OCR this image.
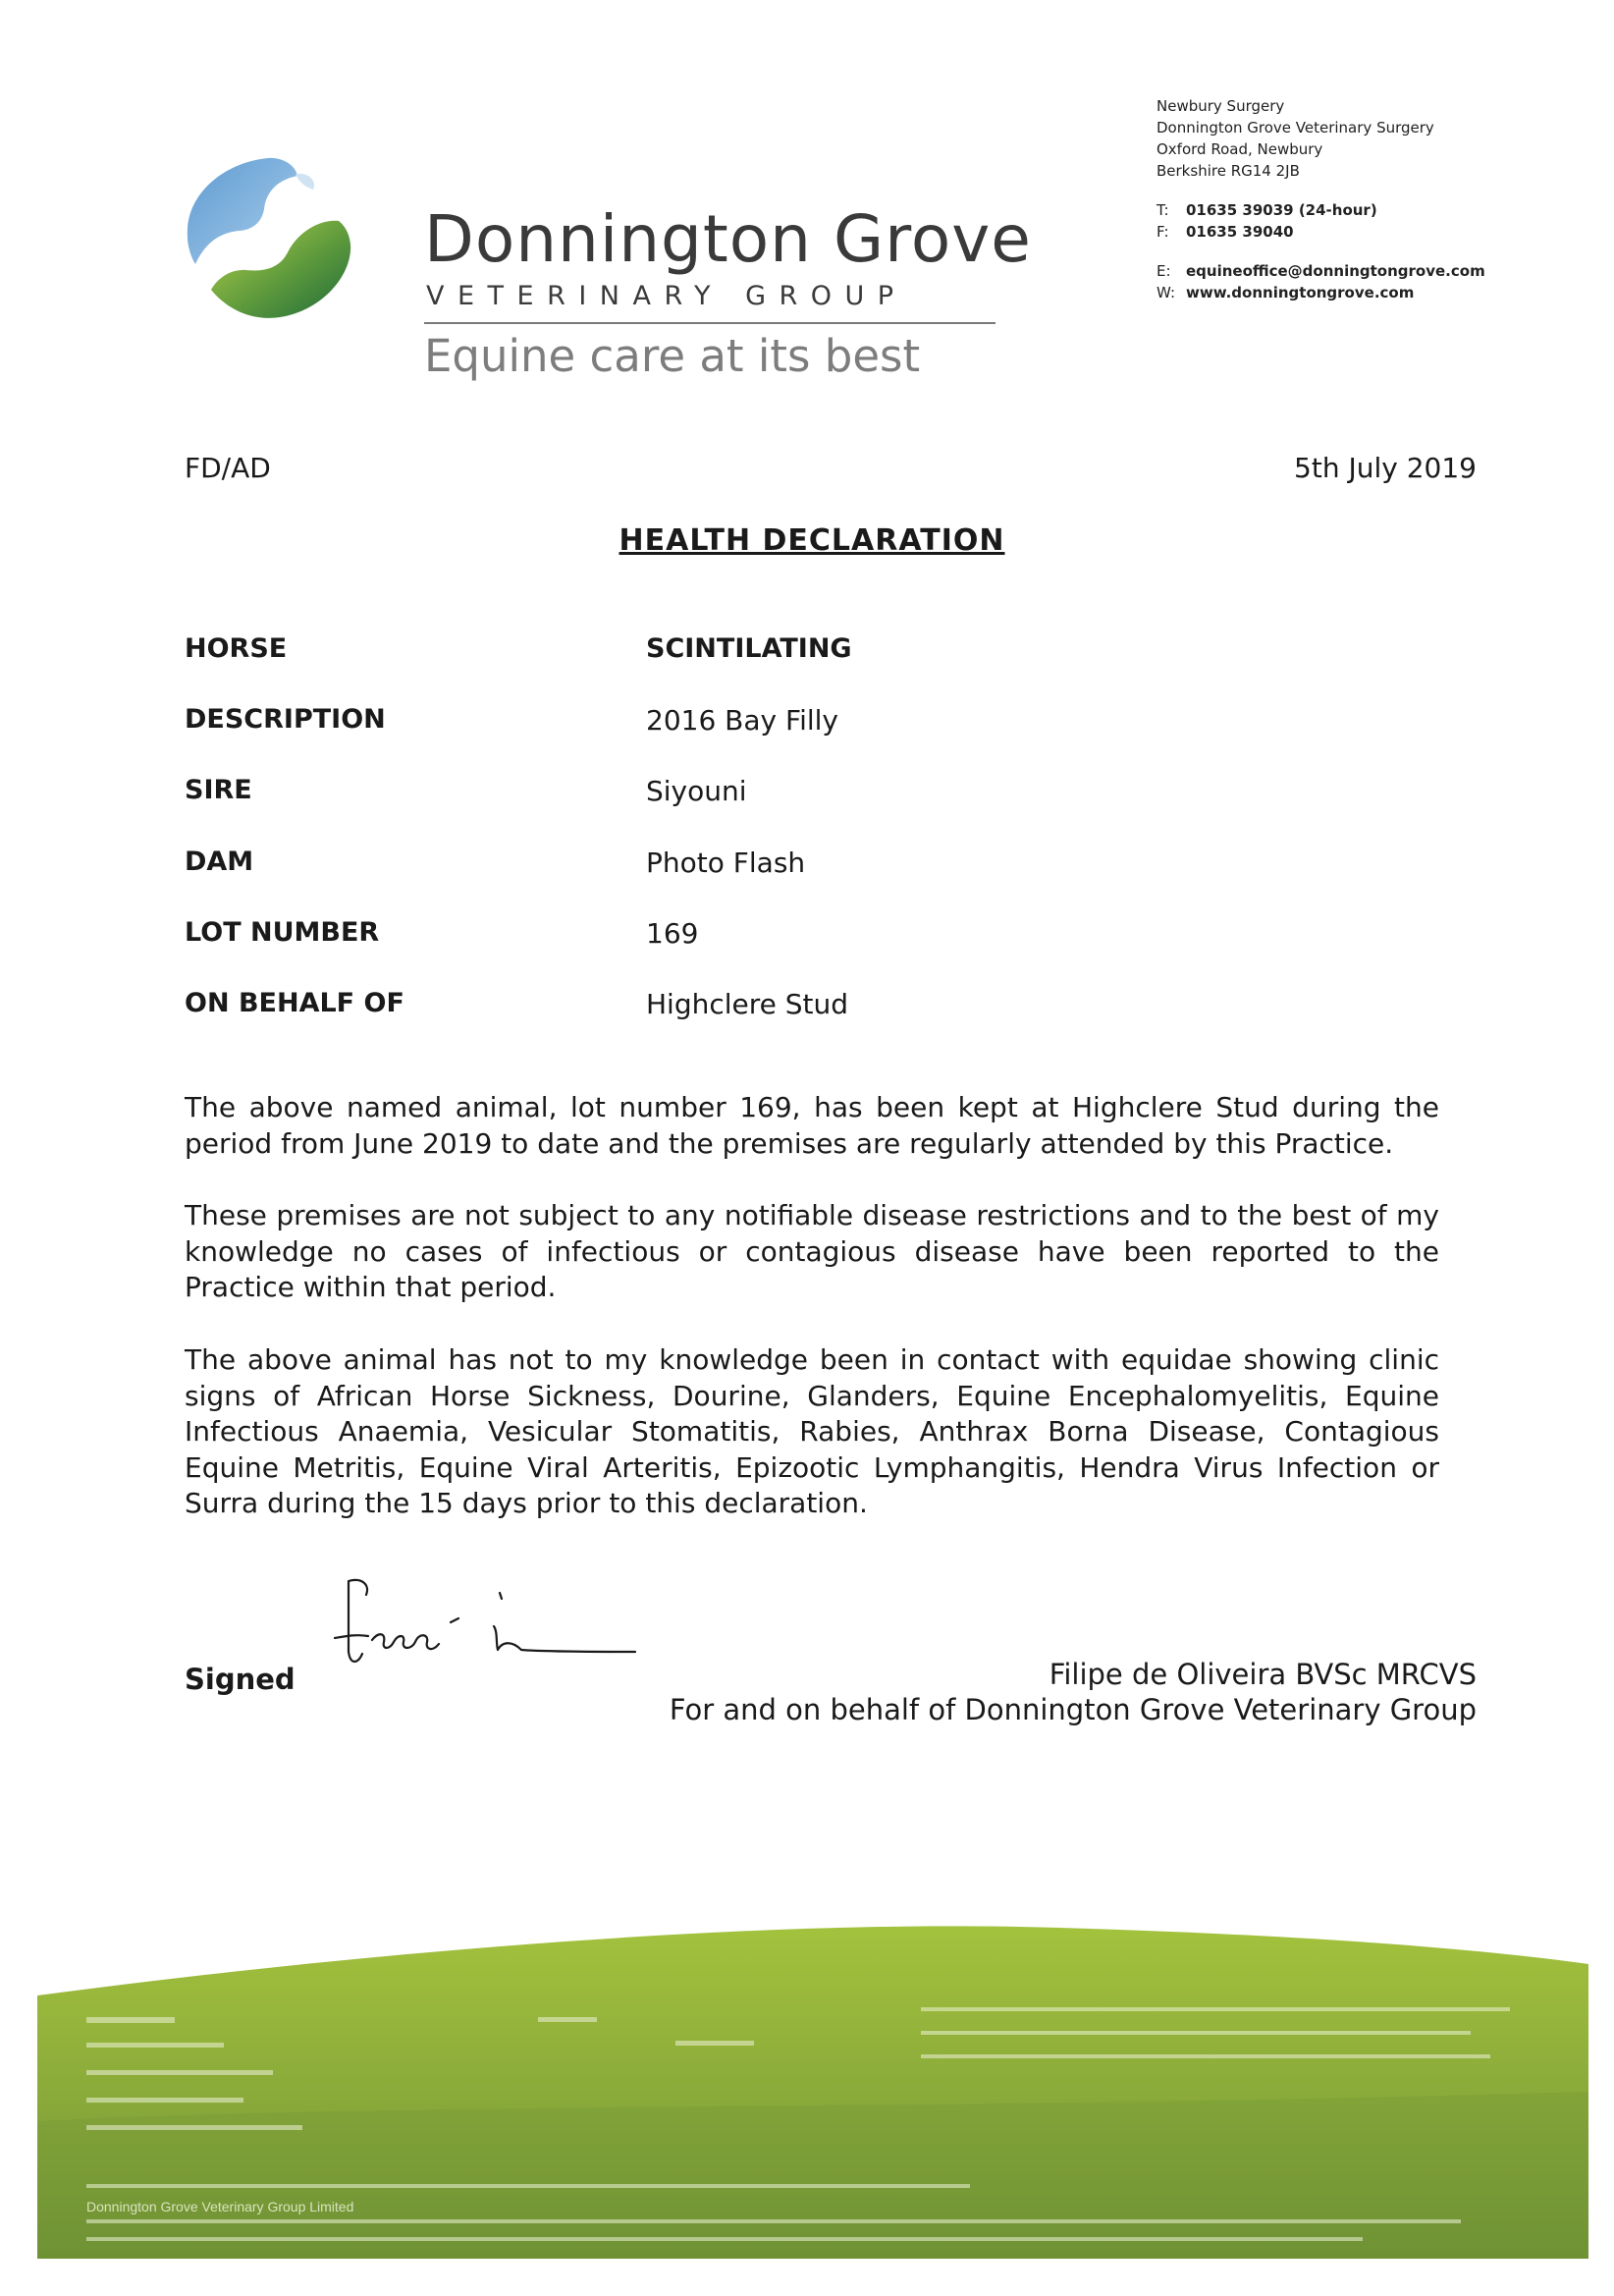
Donnington Grove
VETERINARY GROUP
Equine care at its best
Newbury Surgery
Donnington Grove Veterinary Surgery
Oxford Road, Newbury
Berkshire RG14 2JB
T: 01635 39039 (24-hour)
F: 01635 39040
E: equineoffice@donningtongrove.com
W: www.donningtongrove.com
FD/AD	5th July 2019
HEALTH DECLARATION
HORSE	SCINTILATING
DESCRIPTION	2016 Bay Filly
SIRE	Siyouni
DAM	Photo Flash
LOT NUMBER	169
ON BEHALF OF	Highclere Stud

The above named animal, lot number 169, has been kept at Highclere Stud during the period from June 2019 to date and the premises are regularly attended by this Practice.

These premises are not subject to any notifiable disease restrictions and to the best of my knowledge no cases of infectious or contagious disease have been reported to the Practice within that period.

The above animal has not to my knowledge been in contact with equidae showing clinic signs of African Horse Sickness, Dourine, Glanders, Equine Encephalomyelitis, Equine Infectious Anaemia, Vesicular Stomatitis, Rabies, Anthrax Borna Disease, Contagious Equine Metritis, Equine Viral Arteritis, Epizootic Lymphangitis, Hendra Virus Infection or Surra during the 15 days prior to this declaration.

Signed	Filipe de Oliveira BVSc MRCVS
For and on behalf of Donnington Grove Veterinary Group
Donnington Grove Veterinary Group Limited
